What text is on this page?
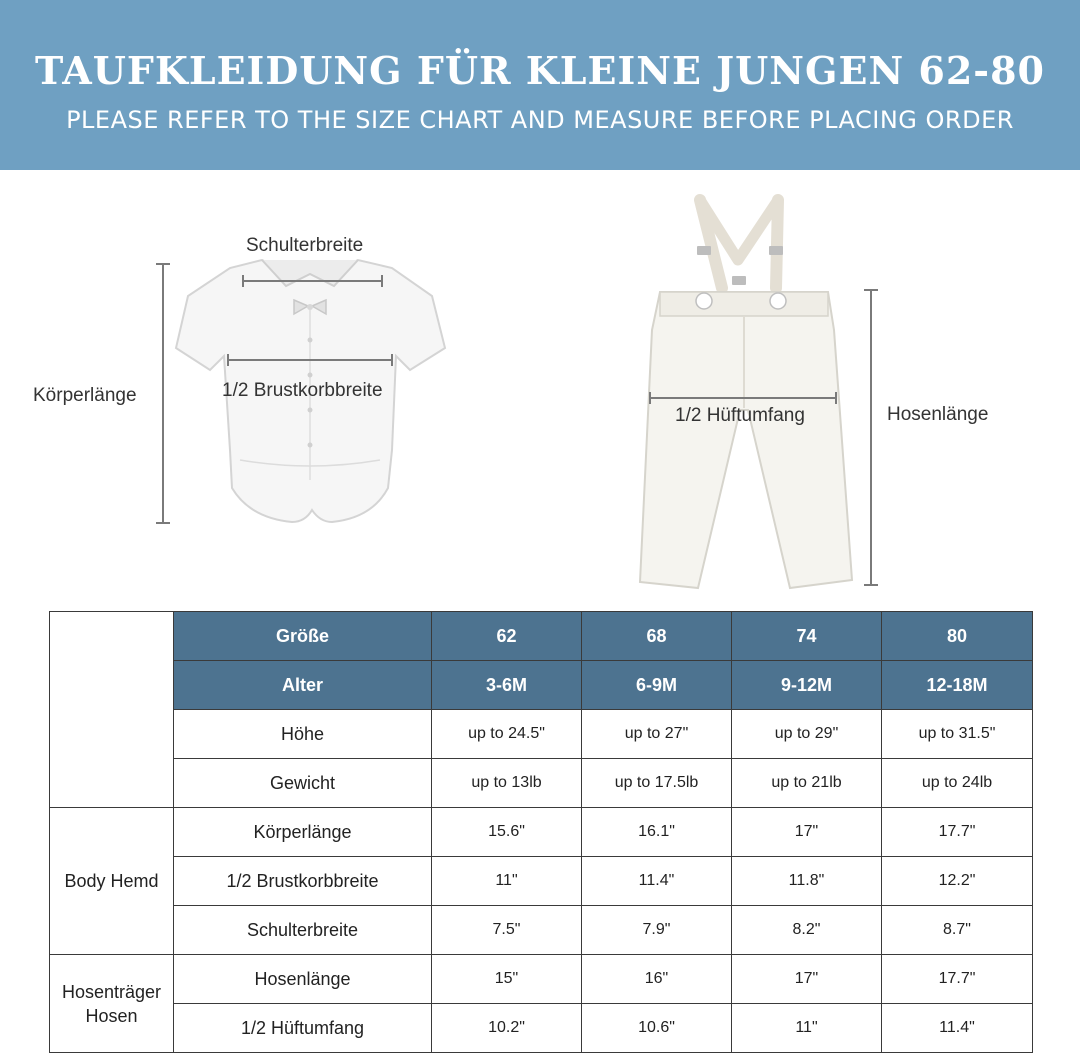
TAUFKLEIDUNG FÜR KLEINE JUNGEN 62-80
PLEASE REFER TO THE SIZE CHART AND MEASURE BEFORE PLACING ORDER
Schulterbreite
Körperlänge	1/2 Brustkorbbreite
1/2 Hüftumfang	Hosenlänge
	Größe	62	68	74	80
	Alter	3-6M	6-9M	9-12M	12-18M
	Höhe	up to 24.5"	up to 27"	up to 29"	up to 31.5"
	Gewicht	up to 13lb	up to 17.5lb	up to 21lb	up to 24lb
Body Hemd	Körperlänge	15.6"	16.1"	17"	17.7"
	1/2 Brustkorbbreite	11"	11.4"	11.8"	12.2"
	Schulterbreite	7.5"	7.9"	8.2"	8.7"

Hosenträger
Hosen	Hosenlänge	15"	16"	17"	17.7"
	1/2 Hüftumfang	10.2"	10.6"	11"	11.4"
